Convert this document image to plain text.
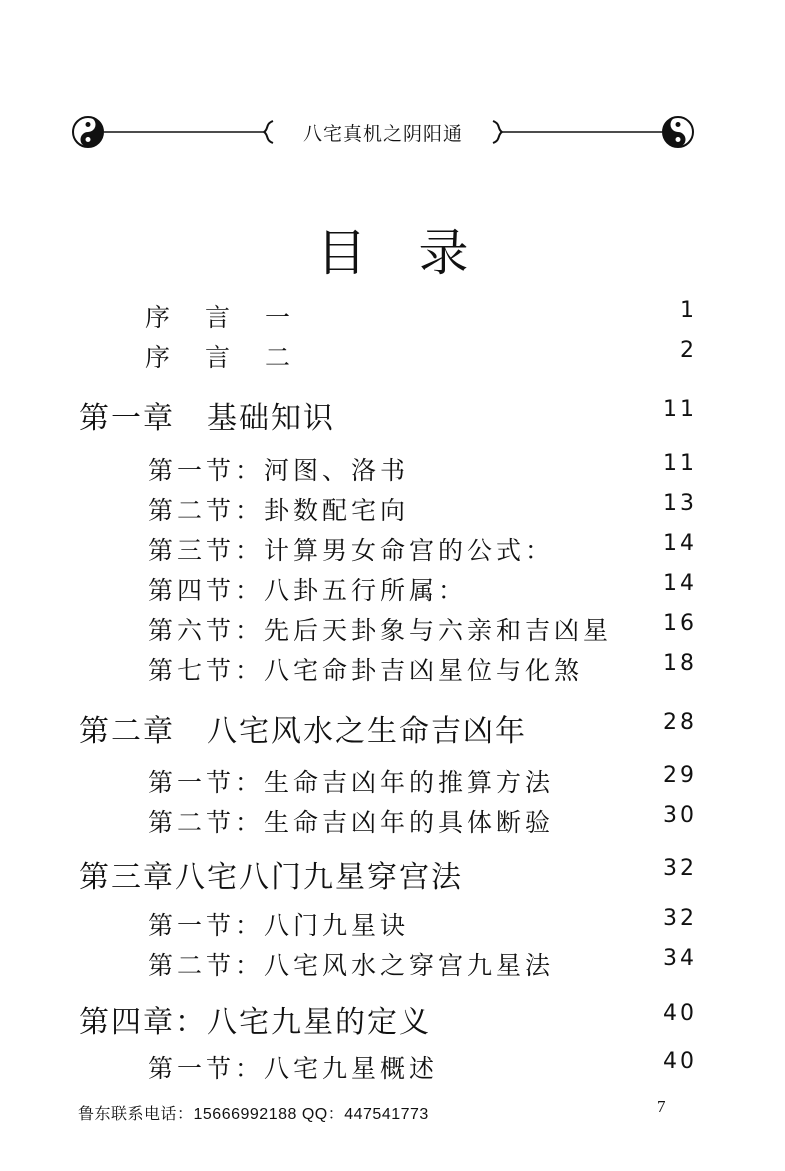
八宅真机之阴阳通
目录
序言一	1
序言二	2
第一章　基础知识	11
第一节：河图、洛书	11
第二节：卦数配宅向	13
第三节：计算男女命宫的公式：	14
第四节：八卦五行所属：	14
第六节：先后天卦象与六亲和吉凶星 16
第七节：八宅命卦吉凶星位与化煞	18
第二章　八宅风水之生命吉凶年	28
第一节：生命吉凶年的推算方法	29
第二节：生命吉凶年的具体断验	30
第三章八宅八门九星穿宫法	32
第一节：八门九星诀	32
第二节：八宅风水之穿宫九星法	34
第四章：八宅九星的定义	40
第一节：八宅九星概述	40
鲁东联系电话：15666992188 QQ：447541773	7
